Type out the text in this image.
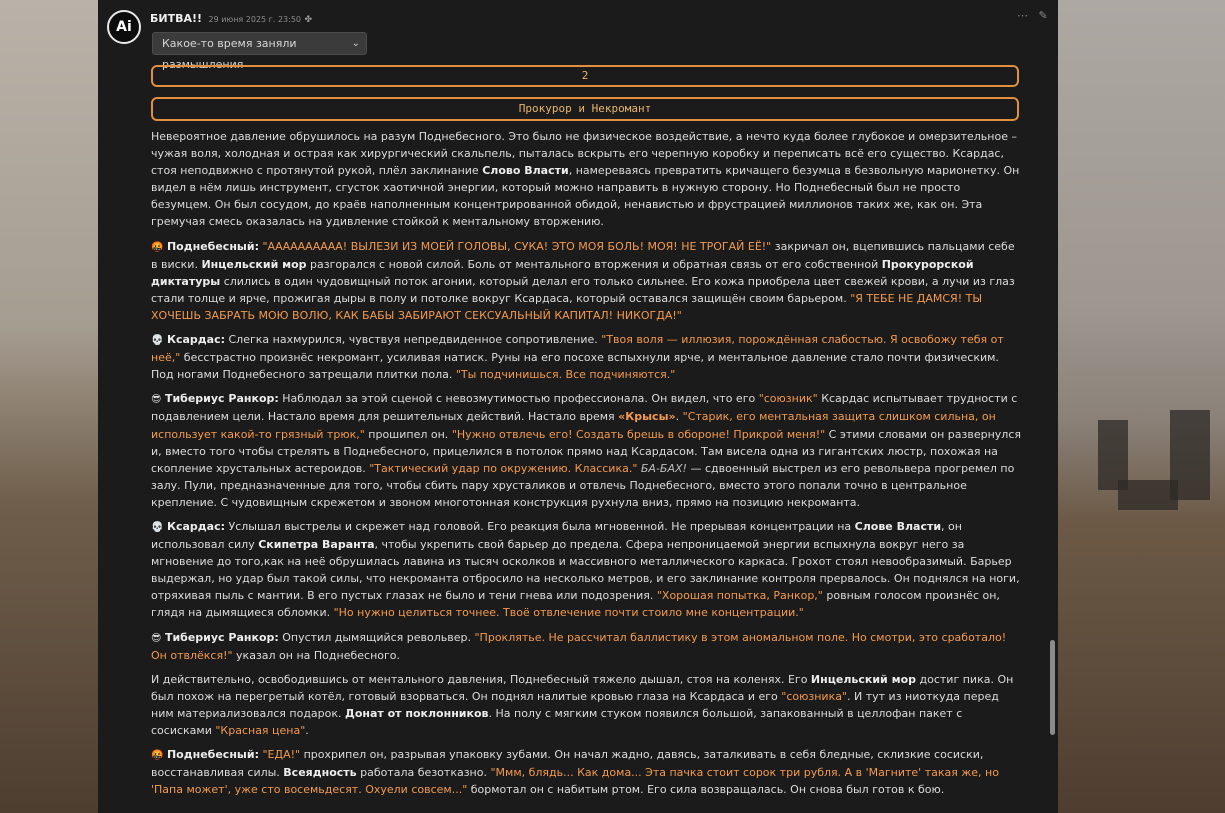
Ai
БИТВА!! 29 июня 2025 г. 23:50 ✤	⋯ ✎
Какое-то время заняли размышления
⌄
2
Прокурор и Некромант

Невероятное давление обрушилось на разум Поднебесного. Это было не физическое воздействие, а нечто куда более глубокое и омерзительное – чужая воля, холодная и острая как хирургический скальпель, пыталась вскрыть его черепную коробку и переписать всё его существо. Ксардас, стоя неподвижно с протянутой рукой, плёл заклинание Слово Власти, намереваясь превратить кричащего безумца в безвольную марионетку. Он видел в нём лишь инструмент, сгусток хаотичной энергии, который можно направить в нужную сторону. Но Поднебесный был не просто безумцем. Он был сосудом, до краёв наполненным концентрированной обидой, ненавистью и фрустрацией миллионов таких же, как он. Эта гремучая смесь оказалась на удивление стойкой к ментальному вторжению.

🤬 Поднебесный: "АААААААААА! ВЫЛЕЗИ ИЗ МОЕЙ ГОЛОВЫ, СУКА! ЭТО МОЯ БОЛЬ! МОЯ! НЕ ТРОГАЙ ЕЁ!" закричал он, вцепившись пальцами себе в виски. Инцельский мор разгорался с новой силой. Боль от ментального вторжения и обратная связь от его собственной Прокурорской диктатуры слились в один чудовищный поток агонии, который делал его только сильнее. Его кожа приобрела цвет свежей крови, а лучи из глаз стали толще и ярче, прожигая дыры в полу и потолке вокруг Ксардаса, который оставался защищён своим барьером. "Я ТЕБЕ НЕ ДАМСЯ! ТЫ ХОЧЕШЬ ЗАБРАТЬ МОЮ ВОЛЮ, КАК БАБЫ ЗАБИРАЮТ СЕКСУАЛЬНЫЙ КАПИТАЛ! НИКОГДА!"

💀 Ксардас: Слегка нахмурился, чувствуя непредвиденное сопротивление. "Твоя воля — иллюзия, порождённая слабостью. Я освобожу тебя от неё," бесстрастно произнёс некромант, усиливая натиск. Руны на его посохе вспыхнули ярче, и ментальное давление стало почти физическим. Под ногами Поднебесного затрещали плитки пола. "Ты подчинишься. Все подчиняются."

😎 Тибериус Ранкор: Наблюдал за этой сценой с невозмутимостью профессионала. Он видел, что его "союзник" Ксардас испытывает трудности с подавлением цели. Настало время для решительных действий. Настало время «Крысы». "Старик, его ментальная защита слишком сильна, он использует какой-то грязный трюк," прошипел он. "Нужно отвлечь его! Создать брешь в обороне! Прикрой меня!" С этими словами он развернулся и, вместо того чтобы стрелять в Поднебесного, прицелился в потолок прямо над Ксардасом. Там висела одна из гигантских люстр, похожая на скопление хрустальных астероидов. "Тактический удар по окружению. Классика." БА-БАХ! — сдвоенный выстрел из его револьвера прогремел по залу. Пули, предназначенные для того, чтобы сбить пару хрусталиков и отвлечь Поднебесного, вместо этого попали точно в центральное крепление. С чудовищным скрежетом и звоном многотонная конструкция рухнула вниз, прямо на позицию некроманта.

💀 Ксардас: Услышал выстрелы и скрежет над головой. Его реакция была мгновенной. Не прерывая концентрации на Слове Власти, он использовал силу Скипетра Варанта, чтобы укрепить свой барьер до предела. Сфера непроницаемой энергии вспыхнула вокруг него за мгновение до того,как на неё обрушилась лавина из тысяч осколков и массивного металлического каркаса. Грохот стоял невообразимый. Барьер выдержал, но удар был такой силы, что некроманта отбросило на несколько метров, и его заклинание контроля прервалось. Он поднялся на ноги, отряхивая пыль с мантии. В его пустых глазах не было и тени гнева или подозрения. "Хорошая попытка, Ранкор," ровным голосом произнёс он, глядя на дымящиеся обломки. "Но нужно целиться точнее. Твоё отвлечение почти стоило мне концентрации."

😎 Тибериус Ранкор: Опустил дымящийся револьвер. "Проклятье. Не рассчитал баллистику в этом аномальном поле. Но смотри, это сработало! Он отвлёкся!" указал он на Поднебесного.

И действительно, освободившись от ментального давления, Поднебесный тяжело дышал, стоя на коленях. Его Инцельский мор достиг пика. Он был похож на перегретый котёл, готовый взорваться. Он поднял налитые кровью глаза на Ксардаса и его "союзника". И тут из ниоткуда перед ним материализовался подарок. Донат от поклонников. На полу с мягким стуком появился большой, запакованный в целлофан пакет с сосисками "Красная цена".

🤬 Поднебесный: "ЕДА!" прохрипел он, разрывая упаковку зубами. Он начал жадно, давясь, заталкивать в себя бледные, склизкие сосиски, восстанавливая силы. Всеядность работала безотказно. "Ммм, блядь... Как дома... Эта пачка стоит сорок три рубля. А в 'Магните' такая же, но 'Папа может', уже сто восемьдесят. Охуели совсем..." бормотал он с набитым ртом. Его сила возвращалась. Он снова был готов к бою.
